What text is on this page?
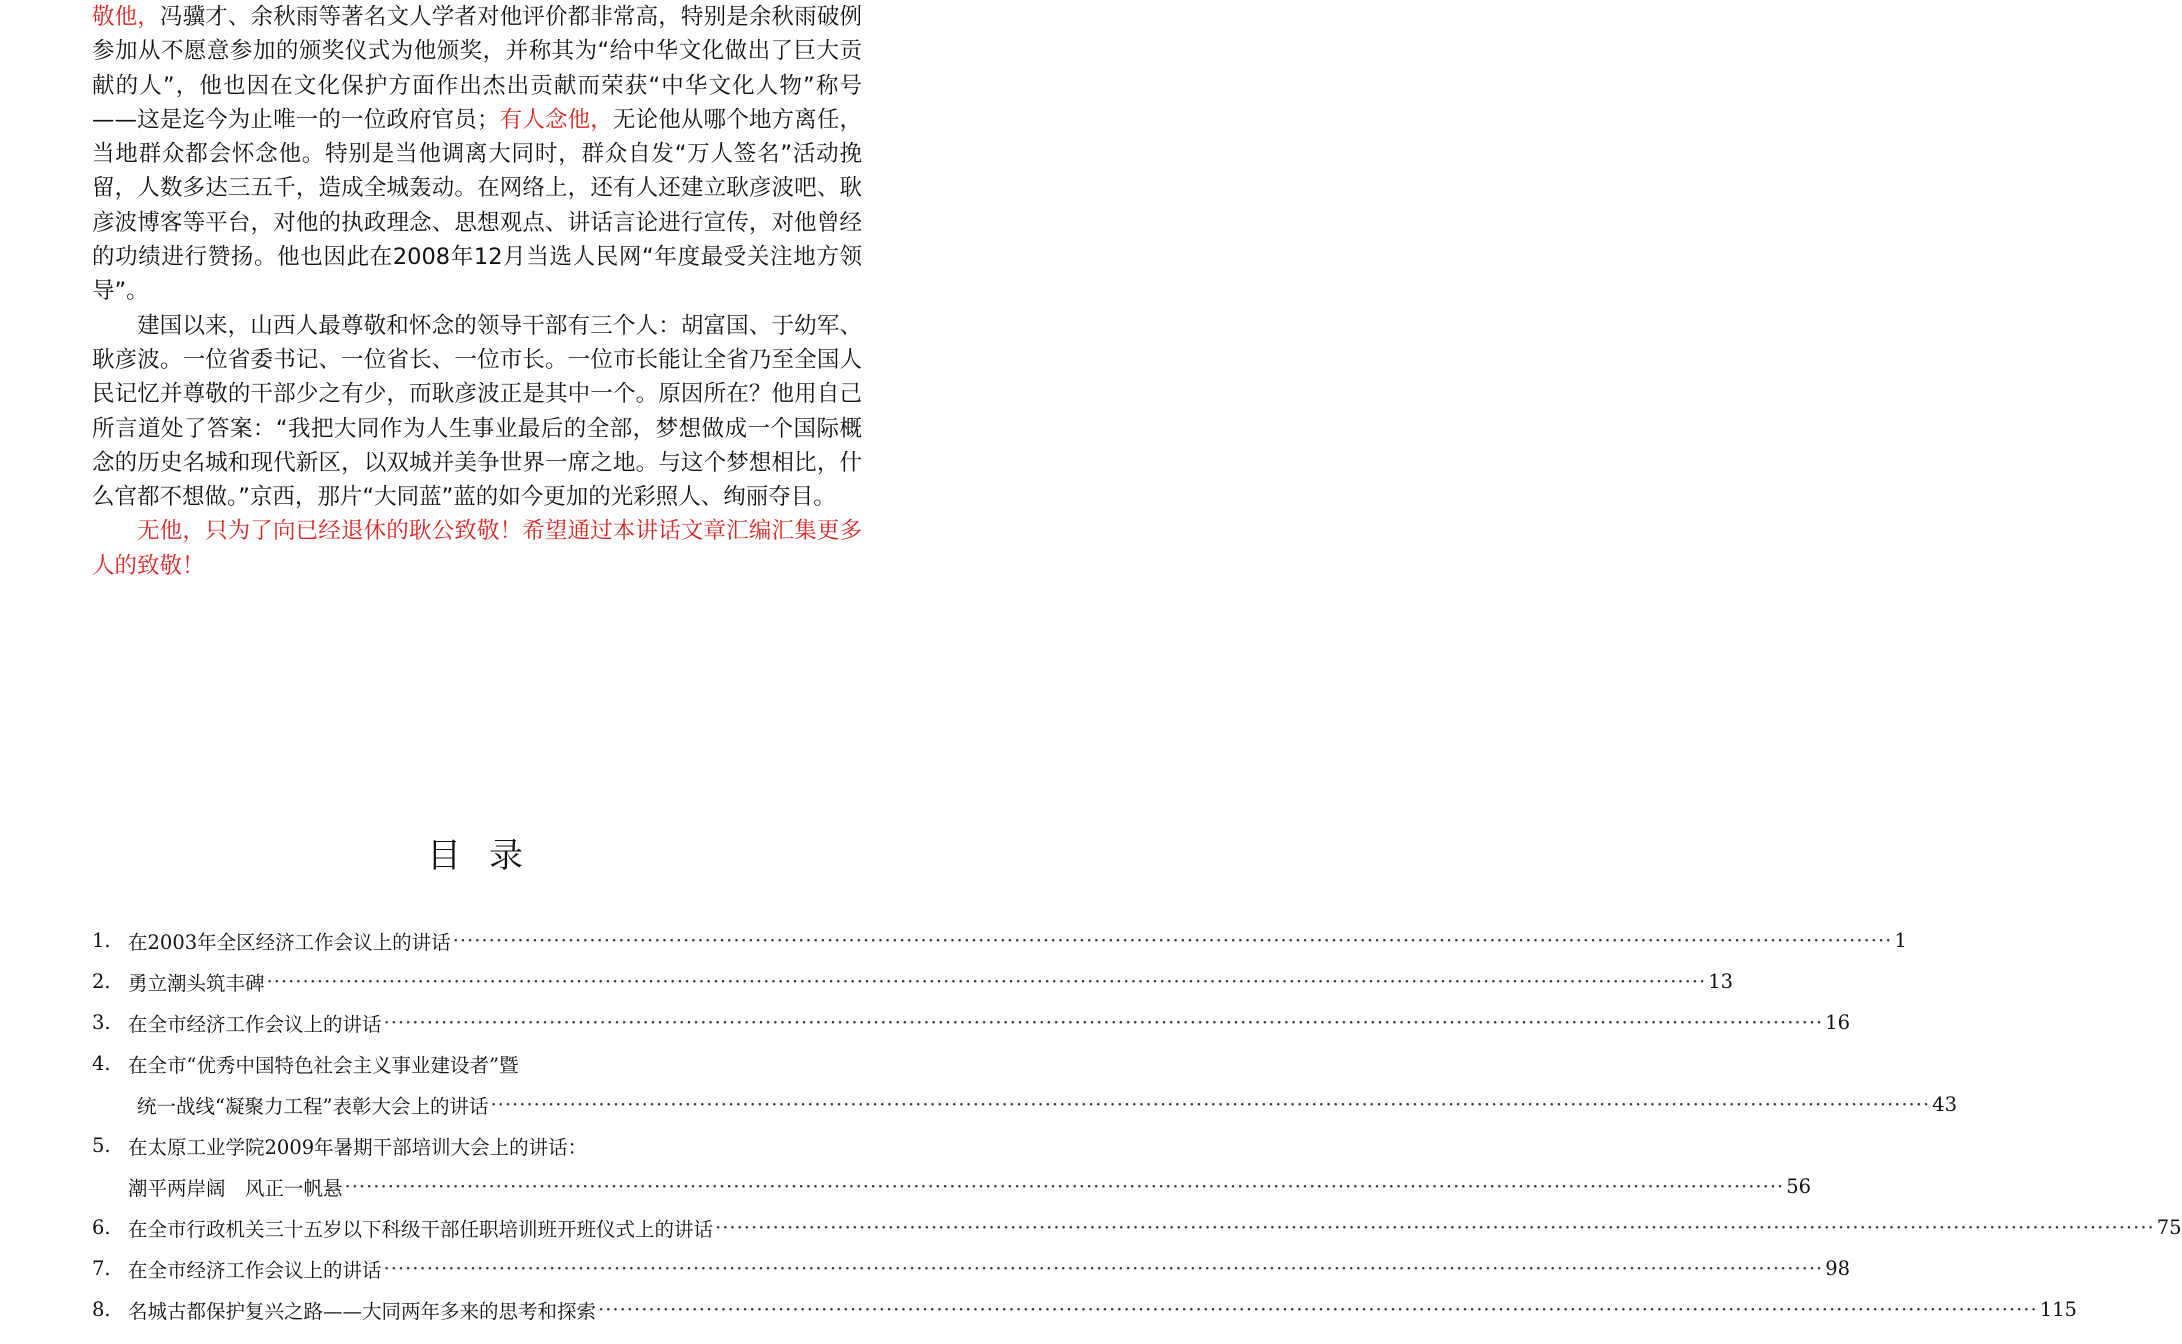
敬他，冯骥才、余秋雨等著名文人学者对他评价都非常高，特别是余秋雨破例参加从不愿意参加的颁奖仪式为他颁奖，并称其为“给中华文化做出了巨大贡献的人”，他也因在文化保护方面作出杰出贡献而荣获“中华文化人物”称号——这是迄今为止唯一的一位政府官员；有人念他，无论他从哪个地方离任，当地群众都会怀念他。特别是当他调离大同时，群众自发“万人签名”活动挽留，人数多达三五千，造成全城轰动。在网络上，还有人还建立耿彦波吧、耿彦波博客等平台，对他的执政理念、思想观点、讲话言论进行宣传，对他曾经的功绩进行赞扬。他也因此在2008年12月当选人民网“年度最受关注地方领导”。

建国以来，山西人最尊敬和怀念的领导干部有三个人：胡富国、于幼军、耿彦波。一位省委书记、一位省长、一位市长。一位市长能让全省乃至全国人民记忆并尊敬的干部少之有少，而耿彦波正是其中一个。原因所在？他用自己所言道处了答案：“我把大同作为人生事业最后的全部，梦想做成一个国际概念的历史名城和现代新区，以双城并美争世界一席之地。与这个梦想相比，什么官都不想做。”京西，那片“大同蓝”蓝的如今更加的光彩照人、绚丽夺目。

无他，只为了向已经退休的耿公致敬！希望通过本讲话文章汇编汇集更多人的致敬！

目录
1. 在2003年全区经济工作会议上的讲话 ········································································································································································································ 1
2. 勇立潮头筑丰碑 ········································································································································································································ 13
3. 在全市经济工作会议上的讲话 ········································································································································································································ 16
4. 在全市“优秀中国特色社会主义事业建设者”暨
统一战线“凝聚力工程”表彰大会上的讲话 ········································································································································································································ 43
5. 在太原工业学院2009年暑期干部培训大会上的讲话：
潮平两岸阔　风正一帆悬 ········································································································································································································ 56
6. 在全市行政机关三十五岁以下科级干部任职培训班开班仪式上的讲话 ········································································································································································································ 75
7. 在全市经济工作会议上的讲话 ········································································································································································································ 98
8. 名城古都保护复兴之路——大同两年多来的思考和探索 ········································································································································································································ 115
